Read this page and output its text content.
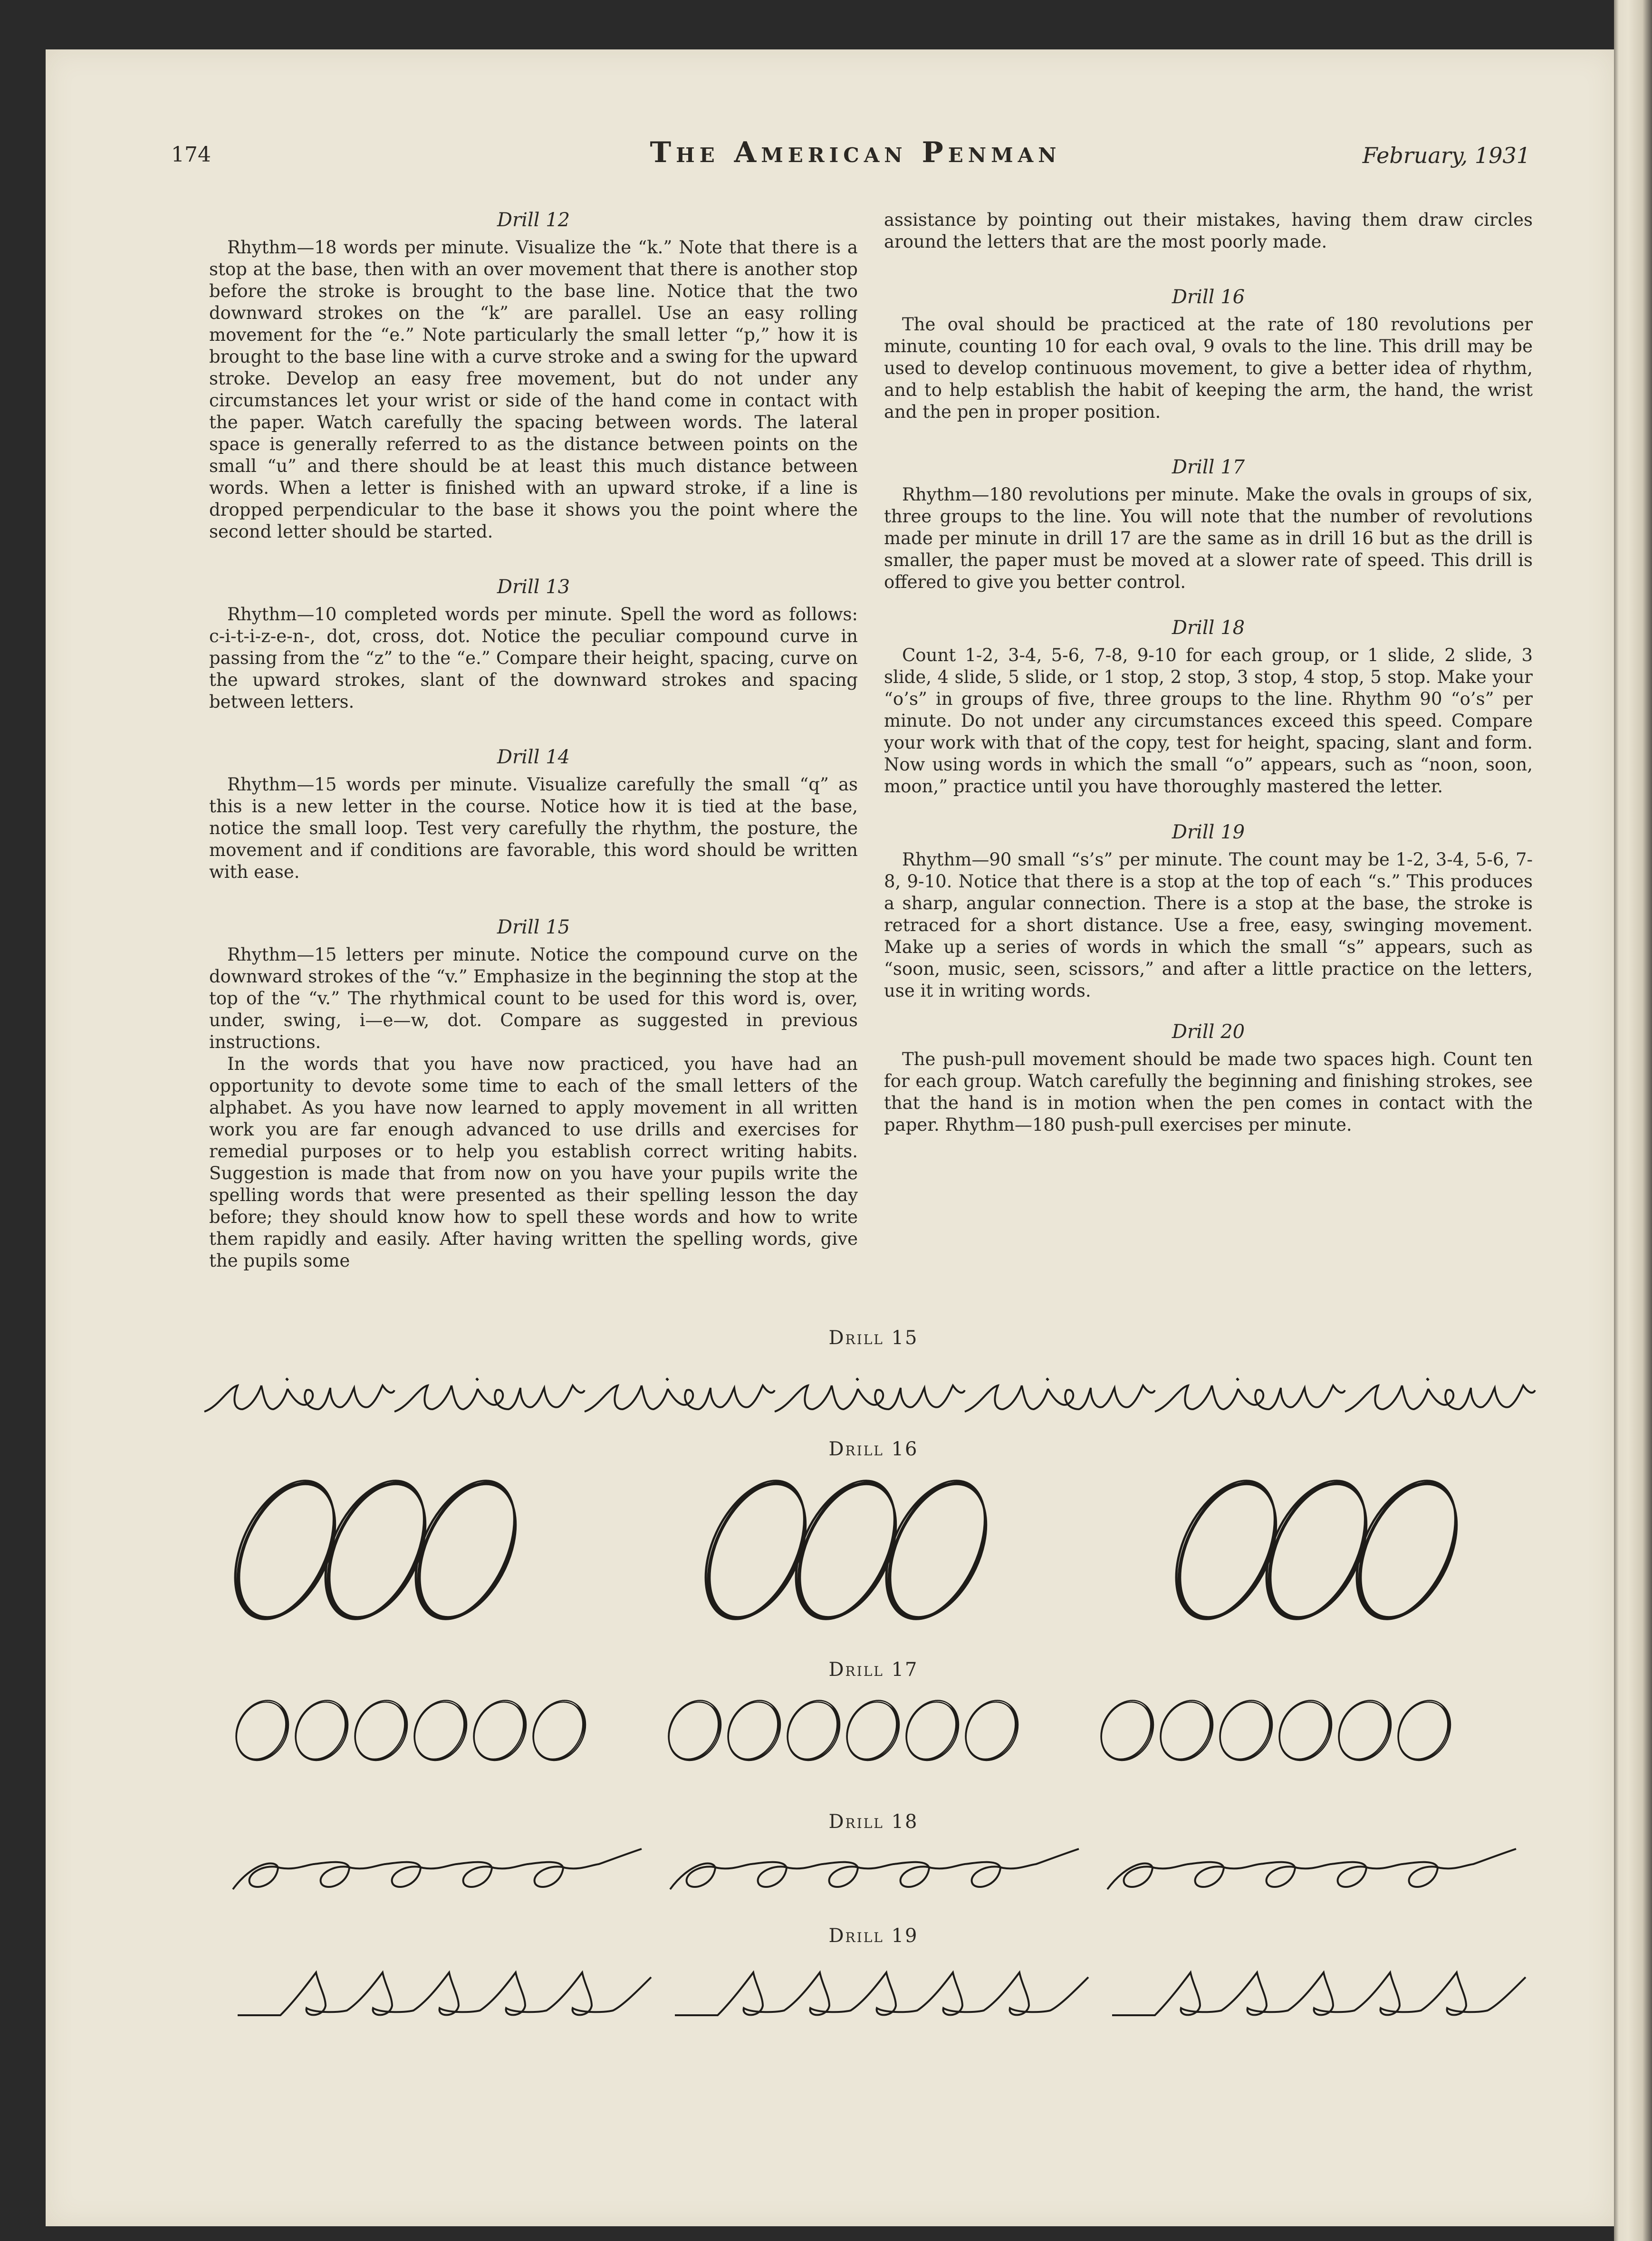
174	The American Penman	February, 1931
Drill 12

Rhythm—18 words per minute. Visualize the “k.” Note that there is a stop at the base, then with an over movement that there is another stop before the stroke is brought to the base line. Notice that the two downward strokes on the “k” are parallel. Use an easy rolling movement for the “e.” Note particularly the small letter “p,” how it is brought to the base line with a curve stroke and a swing for the upward stroke. Develop an easy free movement, but do not under any circumstances let your wrist or side of the hand come in contact with the paper. Watch carefully the spacing between words. The lateral space is generally referred to as the distance between points on the small “u” and there should be at least this much distance between words. When a letter is finished with an upward stroke, if a line is dropped perpendicular to the base it shows you the point where the second letter should be started.

Drill 13

Rhythm—10 completed words per minute. Spell the word as follows: c-i-t-i-z-e-n-, dot, cross, dot. Notice the peculiar compound curve in passing from the “z” to the “e.” Compare their height, spacing, curve on the upward strokes, slant of the downward strokes and spacing between letters.

Drill 14

Rhythm—15 words per minute. Visualize carefully the small “q” as this is a new letter in the course. Notice how it is tied at the base, notice the small loop. Test very carefully the rhythm, the posture, the movement and if conditions are favorable, this word should be written with ease.

Drill 15

Rhythm—15 letters per minute. Notice the compound curve on the downward strokes of the “v.” Emphasize in the beginning the stop at the top of the “v.” The rhythmical count to be used for this word is, over, under, swing, i—e—w, dot. Compare as suggested in previous instructions.

In the words that you have now practiced, you have had an opportunity to devote some time to each of the small letters of the alphabet. As you have now learned to apply movement in all written work you are far enough advanced to use drills and exercises for remedial purposes or to help you establish correct writing habits. Suggestion is made that from now on you have your pupils write the spelling words that were presented as their spelling lesson the day before; they should know how to spell these words and how to write them rapidly and easily. After having written the spelling words, give the pupils some

assistance by pointing out their mistakes, having them draw circles around the letters that are the most poorly made.

Drill 16

The oval should be practiced at the rate of 180 revolutions per minute, counting 10 for each oval, 9 ovals to the line. This drill may be used to develop continuous movement, to give a better idea of rhythm, and to help establish the habit of keeping the arm, the hand, the wrist and the pen in proper position.

Drill 17

Rhythm—180 revolutions per minute. Make the ovals in groups of six, three groups to the line. You will note that the number of revolutions made per minute in drill 17 are the same as in drill 16 but as the drill is smaller, the paper must be moved at a slower rate of speed. This drill is offered to give you better control.

Drill 18

Count 1-2, 3-4, 5-6, 7-8, 9-10 for each group, or 1 slide, 2 slide, 3 slide, 4 slide, 5 slide, or 1 stop, 2 stop, 3 stop, 4 stop, 5 stop. Make your “o’s” in groups of five, three groups to the line. Rhythm 90 “o’s” per minute. Do not under any circumstances exceed this speed. Compare your work with that of the copy, test for height, spacing, slant and form. Now using words in which the small “o” appears, such as “noon, soon, moon,” practice until you have thoroughly mastered the letter.

Drill 19

Rhythm—90 small “s’s” per minute. The count may be 1-2, 3-4, 5-6, 7-8, 9-10. Notice that there is a stop at the top of each “s.” This produces a sharp, angular connection. There is a stop at the base, the stroke is retraced for a short distance. Use a free, easy, swinging movement. Make up a series of words in which the small “s” appears, such as “soon, music, seen, scissors,” and after a little practice on the letters, use it in writing words.

Drill 20

The push-pull movement should be made two spaces high. Count ten for each group. Watch carefully the beginning and finishing strokes, see that the hand is in motion when the pen comes in contact with the paper. Rhythm—180 push-pull exercises per minute.

Drill 15
Drill 16
Drill 17
Drill 18
Drill 19
